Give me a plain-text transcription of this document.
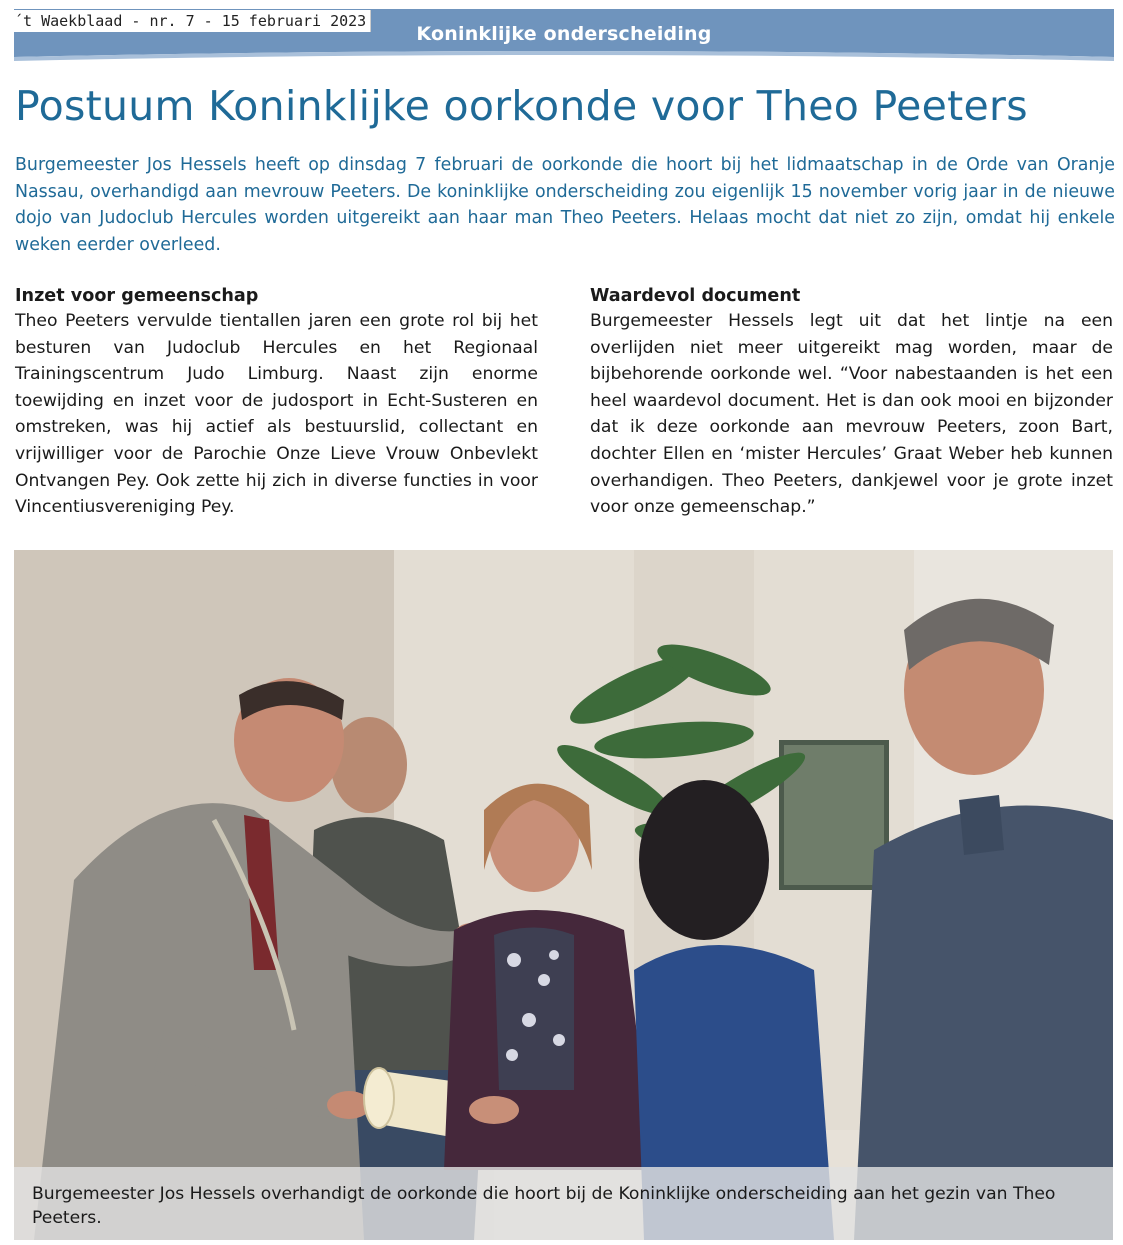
Koninklijke onderscheiding
´t Waekblaad - nr. 7 - 15 februari 2023
Postuum Koninklijke oorkonde voor Theo Peeters

Burgemeester Jos Hessels heeft op dinsdag 7 februari de oorkonde die hoort bij het lidmaatschap in de Orde van Oranje Nassau, overhandigd aan mevrouw Peeters. De koninklijke onderscheiding zou eigenlijk 15 november vorig jaar in de nieuwe dojo van Judoclub Hercules worden uitgereikt aan haar man Theo Peeters. Helaas mocht dat niet zo zijn, omdat hij enkele weken eerder overleed.

Inzet voor gemeenschap

Theo Peeters vervulde tientallen jaren een grote rol bij het besturen van Judoclub Hercules en het Regionaal Trainingscentrum Judo Limburg. Naast zijn enorme toewijding en inzet voor de judosport in Echt-Susteren en omstreken, was hij actief als bestuurslid, collectant en vrijwilliger voor de Parochie Onze Lieve Vrouw Onbevlekt Ontvangen Pey. Ook zette hij zich in diverse functies in voor Vincentiusvereniging Pey.

Waardevol document

Burgemeester Hessels legt uit dat het lintje na een overlijden niet meer uitgereikt mag worden, maar de bijbehorende oorkonde wel. “Voor nabestaanden is het een heel waardevol document. Het is dan ook mooi en bijzonder dat ik deze oorkonde aan mevrouw Peeters, zoon Bart, dochter Ellen en ‘mister Hercules’ Graat Weber heb kunnen overhandigen. Theo Peeters, dankjewel voor je grote inzet voor onze gemeenschap.”

Burgemeester Jos Hessels overhandigt de oorkonde die hoort bij de Koninklijke onderscheiding aan het gezin van Theo Peeters.
